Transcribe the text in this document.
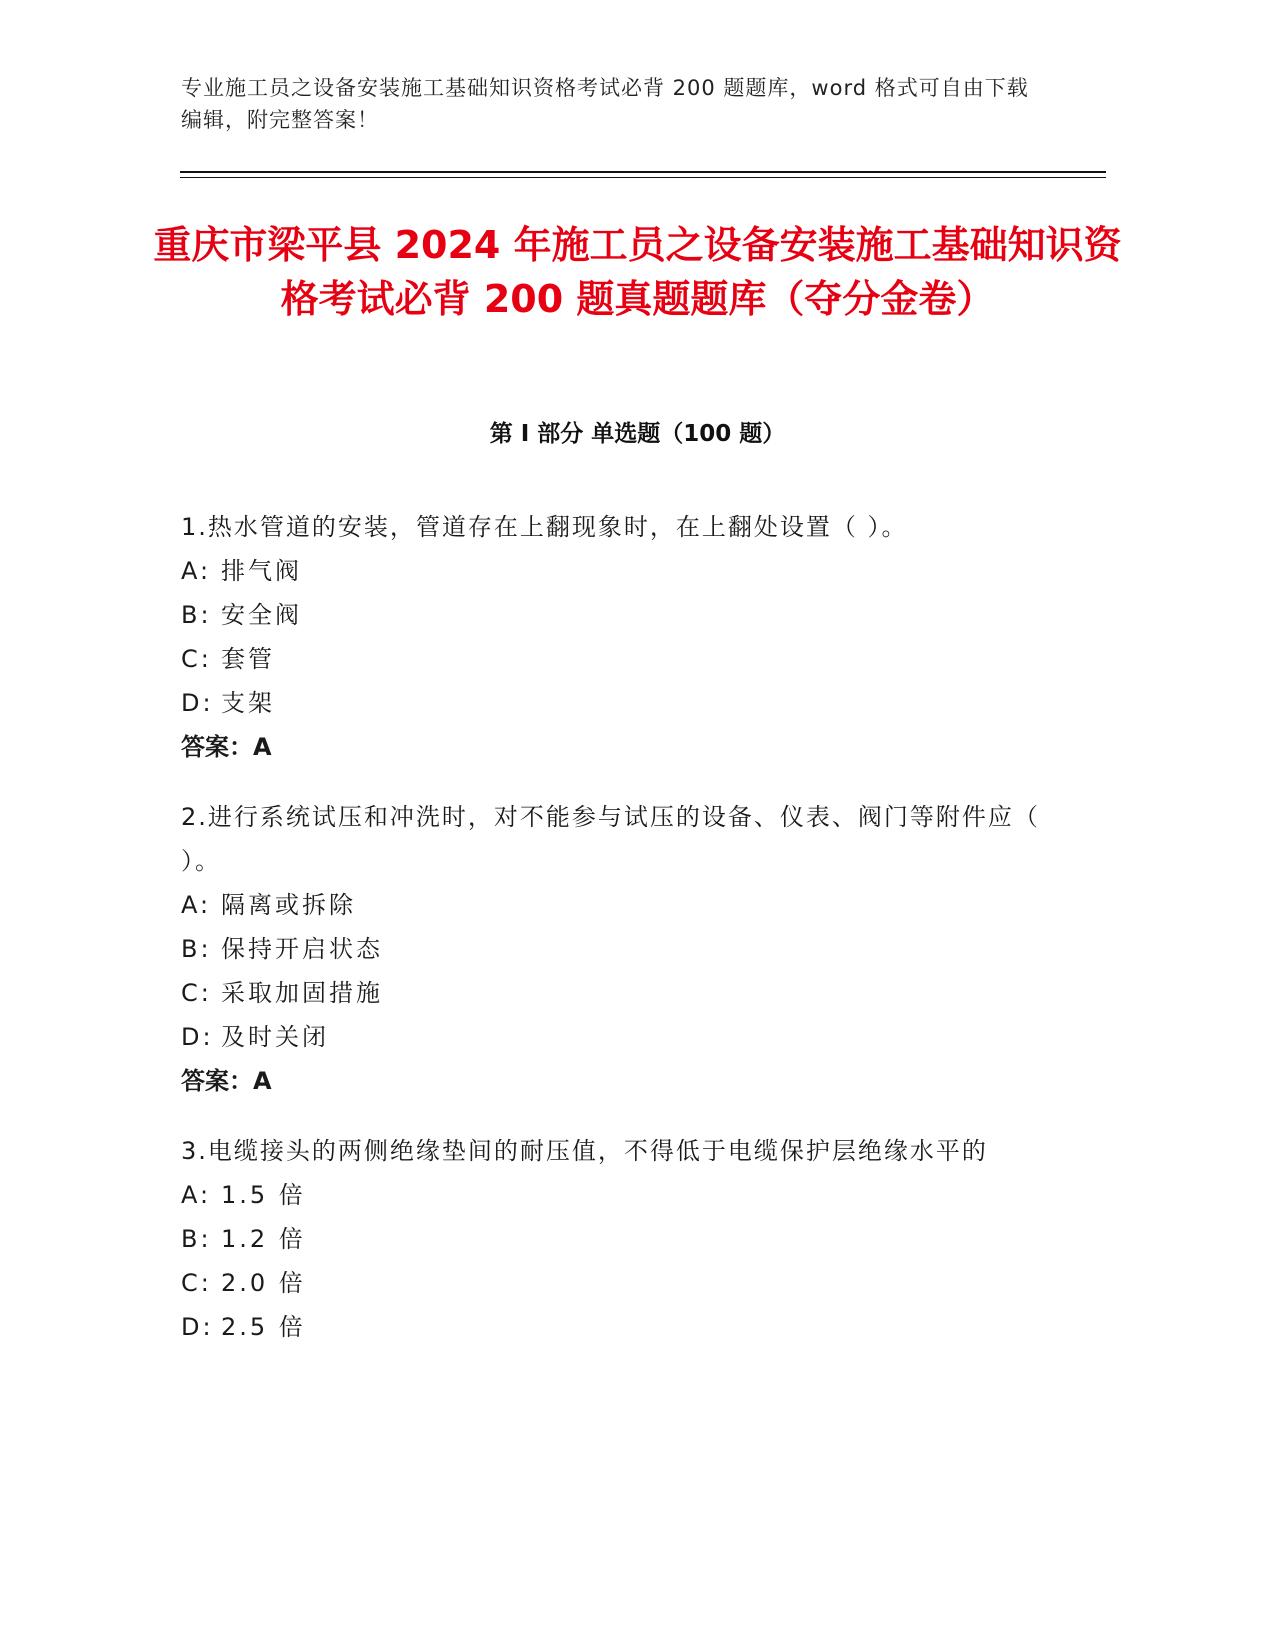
专业施工员之设备安装施工基础知识资格考试必背 200 题题库，word 格式可自由下载编辑，附完整答案！
重庆市梁平县 2024 年施工员之设备安装施工基础知识资格考试必背 200 题真题题库（夺分金卷）
第 I 部分 单选题（100 题）
1.热水管道的安装，管道存在上翻现象时，在上翻处设置（ ）。
A: 排气阀
B: 安全阀
C: 套管
D: 支架
答案：A
2.进行系统试压和冲洗时，对不能参与试压的设备、仪表、阀门等附件应（ ）。
A: 隔离或拆除
B: 保持开启状态
C: 采取加固措施
D: 及时关闭
答案：A
3.电缆接头的两侧绝缘垫间的耐压值，不得低于电缆保护层绝缘水平的
A: 1.5 倍
B: 1.2 倍
C: 2.0 倍
D: 2.5 倍
